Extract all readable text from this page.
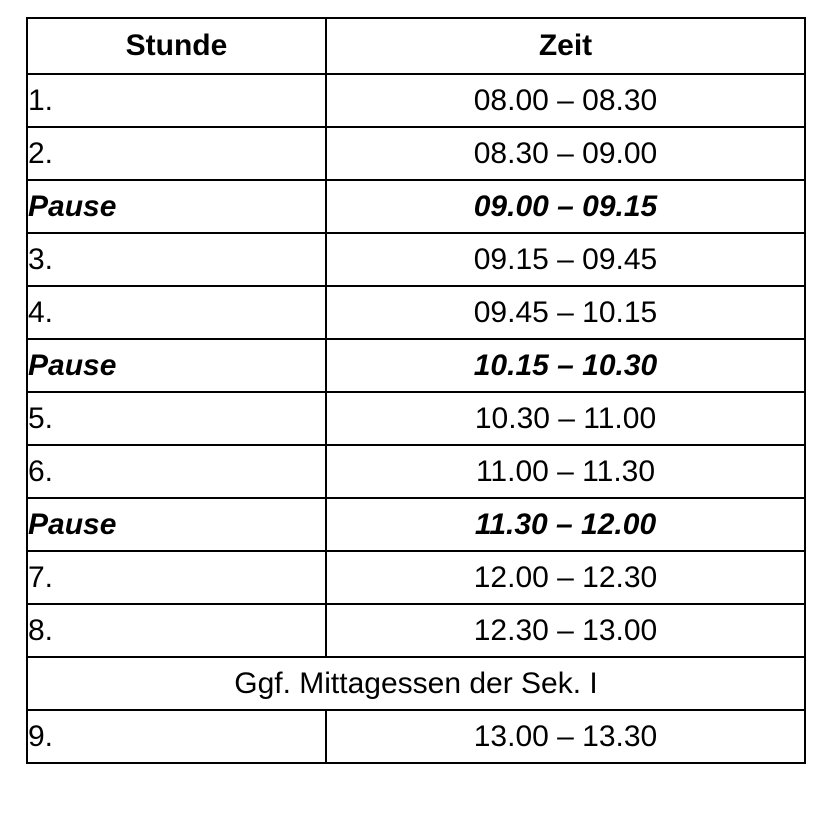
Stunde	Zeit
1.	08.00 – 08.30
2.	08.30 – 09.00
Pause	09.00 – 09.15
3.	09.15 – 09.45
4.	09.45 – 10.15
Pause	10.15 – 10.30
5.	10.30 – 11.00
6.	11.00 – 11.30
Pause	11.30 – 12.00
7.	12.00 – 12.30
8.	12.30 – 13.00
Ggf. Mittagessen der Sek. I	
9.	13.00 – 13.30
